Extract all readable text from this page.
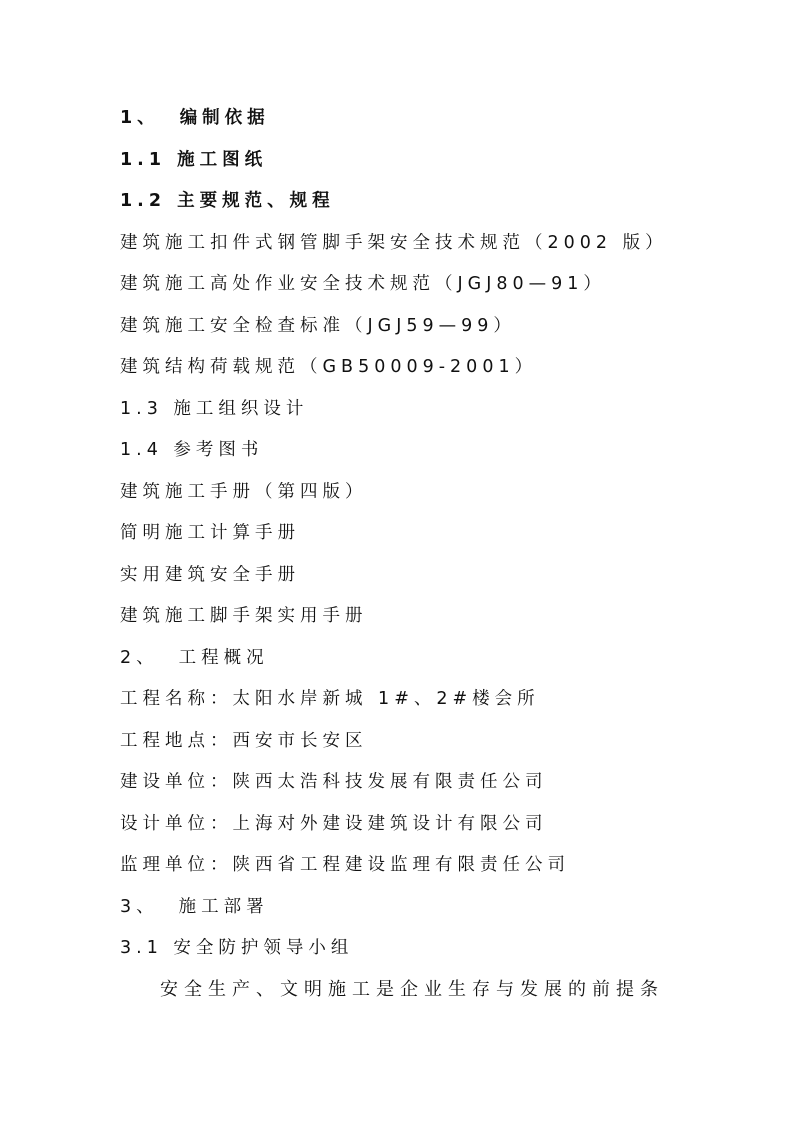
1、 编制依据
1.1 施工图纸
1.2 主要规范、规程
建筑施工扣件式钢管脚手架安全技术规范（2002 版）
建筑施工高处作业安全技术规范（JGJ80—91）
建筑施工安全检查标准（JGJ59—99）
建筑结构荷载规范（GB50009-2001）
1.3 施工组织设计
1.4 参考图书
建筑施工手册（第四版）
简明施工计算手册
实用建筑安全手册
建筑施工脚手架实用手册
2、 工程概况
工程名称：太阳水岸新城 1#、2#楼会所
工程地点：西安市长安区
建设单位：陕西太浩科技发展有限责任公司
设计单位：上海对外建设建筑设计有限公司
监理单位：陕西省工程建设监理有限责任公司
3、 施工部署
3.1 安全防护领导小组
安全生产、文明施工是企业生存与发展的前提条
